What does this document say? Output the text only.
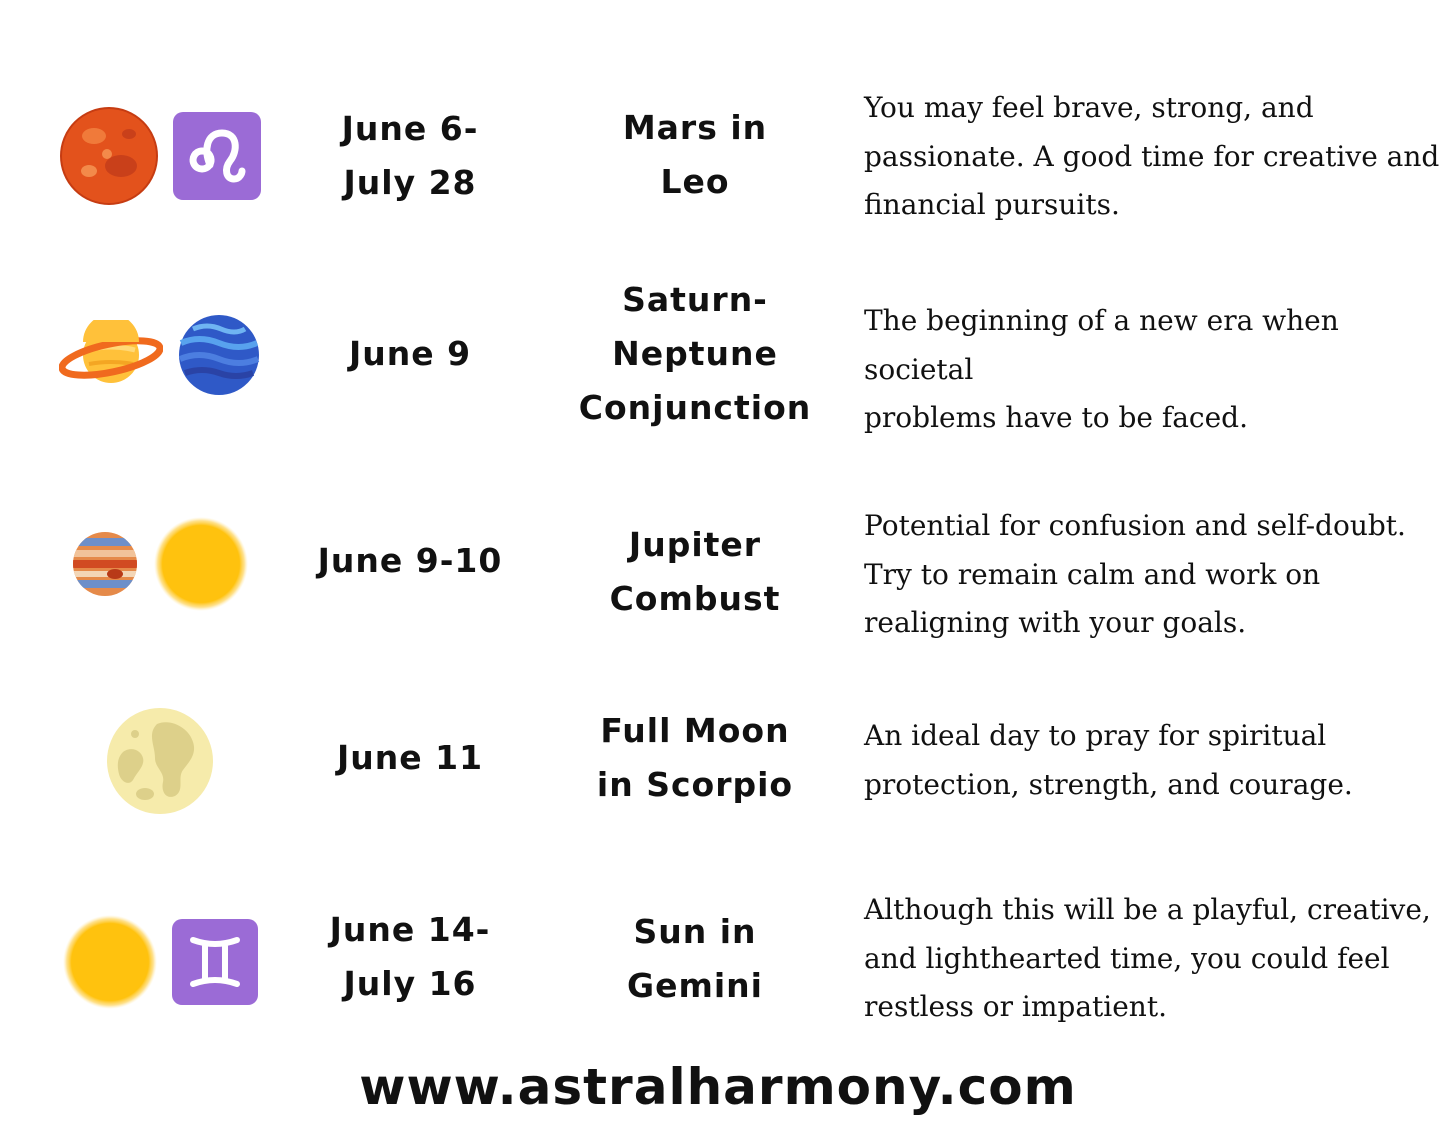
June 6-
July 28
Mars in
Leo
You may feel brave, strong, and
passionate. A good time for creative and
financial pursuits.
June 9
Saturn-
Neptune
Conjunction
The beginning of a new era when societal
problems have to be faced.
June 9-10	Jupiter
Combust
Potential for confusion and self-doubt.
Try to remain calm and work on
realigning with your goals.
June 11
Full Moon
in Scorpio
An ideal day to pray for spiritual
protection, strength, and courage.
June 14-
July 16
Sun in
Gemini
Although this will be a playful, creative,
and lighthearted time, you could feel
restless or impatient.
www.astralharmony.com
